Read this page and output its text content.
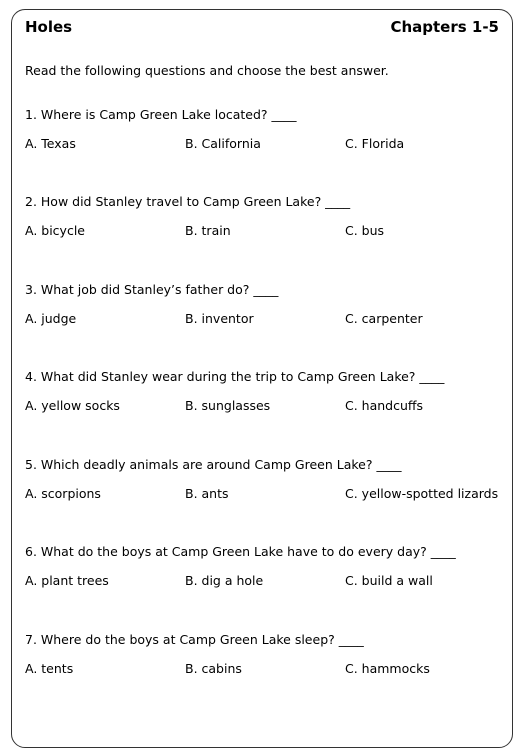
Holes	Chapters 1-5
Read the following questions and choose the best answer.
1. Where is Camp Green Lake located? ____
A. Texas	B. California	C. Florida
2. How did Stanley travel to Camp Green Lake? ____
A. bicycle	B. train	C. bus
3. What job did Stanley’s father do? ____
A. judge	B. inventor	C. carpenter
4. What did Stanley wear during the trip to Camp Green Lake? ____
A. yellow socks	B. sunglasses	C. handcuffs
5. Which deadly animals are around Camp Green Lake? ____
A. scorpions	B. ants	C. yellow-spotted lizards
6. What do the boys at Camp Green Lake have to do every day? ____
A. plant trees	B. dig a hole	C. build a wall
7. Where do the boys at Camp Green Lake sleep? ____
A. tents	B. cabins	C. hammocks
